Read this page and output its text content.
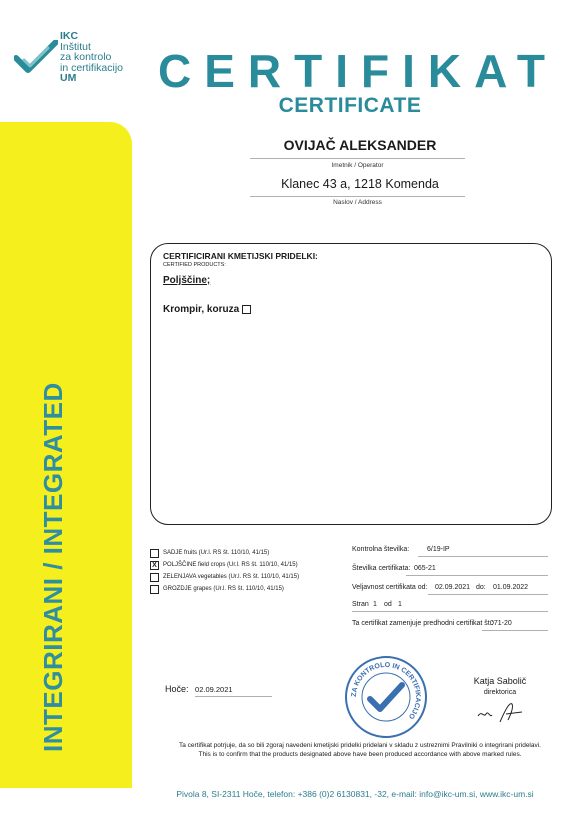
INTEGRIRANI / INTEGRATED
IKC
Inštitut
za kontrolo
in certifikacijo
UM	CERTIFIKAT
CERTIFICATE
OVIJAČ ALEKSANDER
Imetnik / Operator
Klanec 43 a, 1218 Komenda
Naslov / Address
CERTIFICIRANI KMETIJSKI PRIDELKI:
CERTIFIED PRODUCTS:
Poljščine;
Krompir, koruza
SADJE fruits (Ur.l. RS št. 110/10, 41/15)
X	POLJŠČINE field crops (Ur.l. RS št. 110/10, 41/15)
ZELENJAVA vegetables (Ur.l. RS št. 110/10, 41/15)
GROZDJE grapes (Ur.l. RS št. 110/10, 41/15)
Kontrolna številka:	6/19-IP
Številka certifikata: 065-21
Veljavnost certifikata od: 02.09.2021 do: 01.09.2022
Stran 1 od 1
Ta certifikat zamenjuje predhodni certifikat št.:
071-20
Hoče: 02.09.2021
ZA KONTROLO IN CERTIFIKACIJO
Katja Sabolič
direktorica
Ta certifikat potrjuje, da so bili zgoraj navedeni kmetijski pridelki pridelani v skladu z ustreznimi Pravilniki o integrirani pridelavi.
This is to confirm that the products designated above have been produced accordance with above marked rules.
Pivola 8, SI-2311 Hoče, telefon: +386 (0)2 6130831, -32, e-mail: info@ikc-um.si, www.ikc-um.si
